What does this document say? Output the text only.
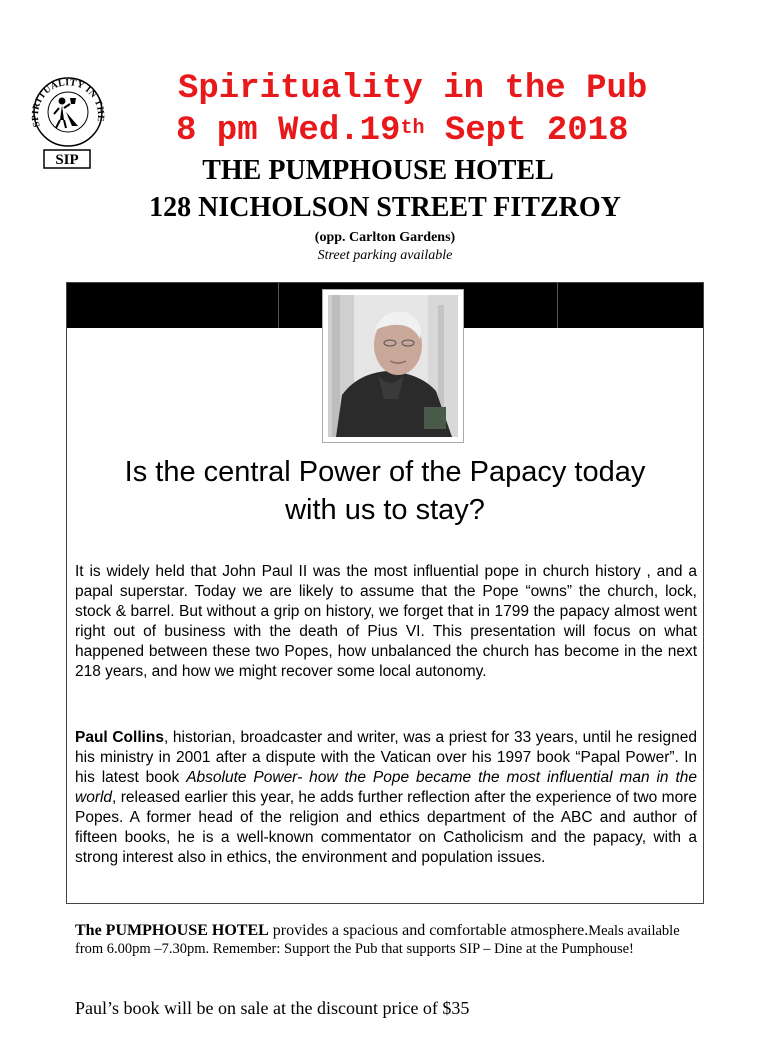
SPIRITUALITY IN THE
SIP

Spirituality in the Pub

8 pm Wed.19th Sept 2018

THE PUMPHOUSE HOTEL

128 NICHOLSON STREET FITZROY

(opp. Carlton Gardens)

Street parking available

Is the central Power of the Papacy today
with us to stay?

It is widely held that John Paul II was the most influential pope in church history , and a papal superstar. Today we are likely to assume that the Pope “owns” the church, lock, stock & barrel. But without a grip on history, we forget that in 1799 the papacy almost went right out of business with the death of Pius VI. This presentation will focus on what happened between these two Popes, how unbalanced the church has become in the next 218 years, and how we might recover some local autonomy.

Paul Collins, historian, broadcaster and writer, was a priest for 33 years, until he resigned his ministry in 2001 after a dispute with the Vatican over his 1997 book “Papal Power”. In his latest book Absolute Power- how the Pope became the most influential man in the world, released earlier this year, he adds further reflection after the experience of two more Popes. A former head of the religion and ethics department of the ABC and author of fifteen books, he is a well-known commentator on Catholicism and the papacy, with a strong interest also in ethics, the environment and population issues.

The PUMPHOUSE HOTEL provides a spacious and comfortable atmosphere.Meals available from 6.00pm –7.30pm. Remember: Support the Pub that supports SIP – Dine at the Pumphouse!

Paul’s book will be on sale at the discount price of $35
